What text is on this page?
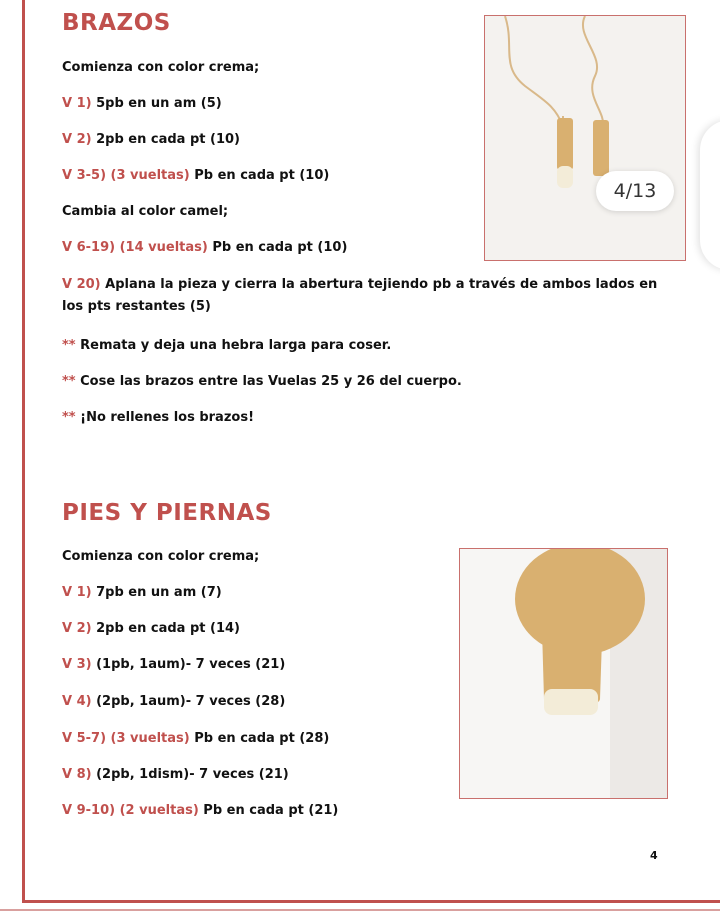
BRAZOS
Comienza con color crema;
V 1) 5pb en un am (5)
V 2) 2pb en cada pt (10)
V 3-5) (3 vueltas) Pb en cada pt (10)
Cambia al color camel;
V 6-19) (14 vueltas) Pb en cada pt (10)
V 20) Aplana la pieza y cierra la abertura tejiendo pb a través de ambos lados en los pts restantes (5)
** Remata y deja una hebra larga para coser.
** Cose las brazos entre las Vuelas 25 y 26 del cuerpo.
** ¡No rellenes los brazos!
PIES Y PIERNAS
Comienza con color crema;
V 1) 7pb en un am (7)
V 2) 2pb en cada pt (14)
V 3) (1pb, 1aum)- 7 veces (21)
V 4) (2pb, 1aum)- 7 veces (28)
V 5-7) (3 vueltas) Pb en cada pt (28)
V 8) (2pb, 1dism)- 7 veces (21)
V 9-10) (2 vueltas) Pb en cada pt (21)
4/13
4
